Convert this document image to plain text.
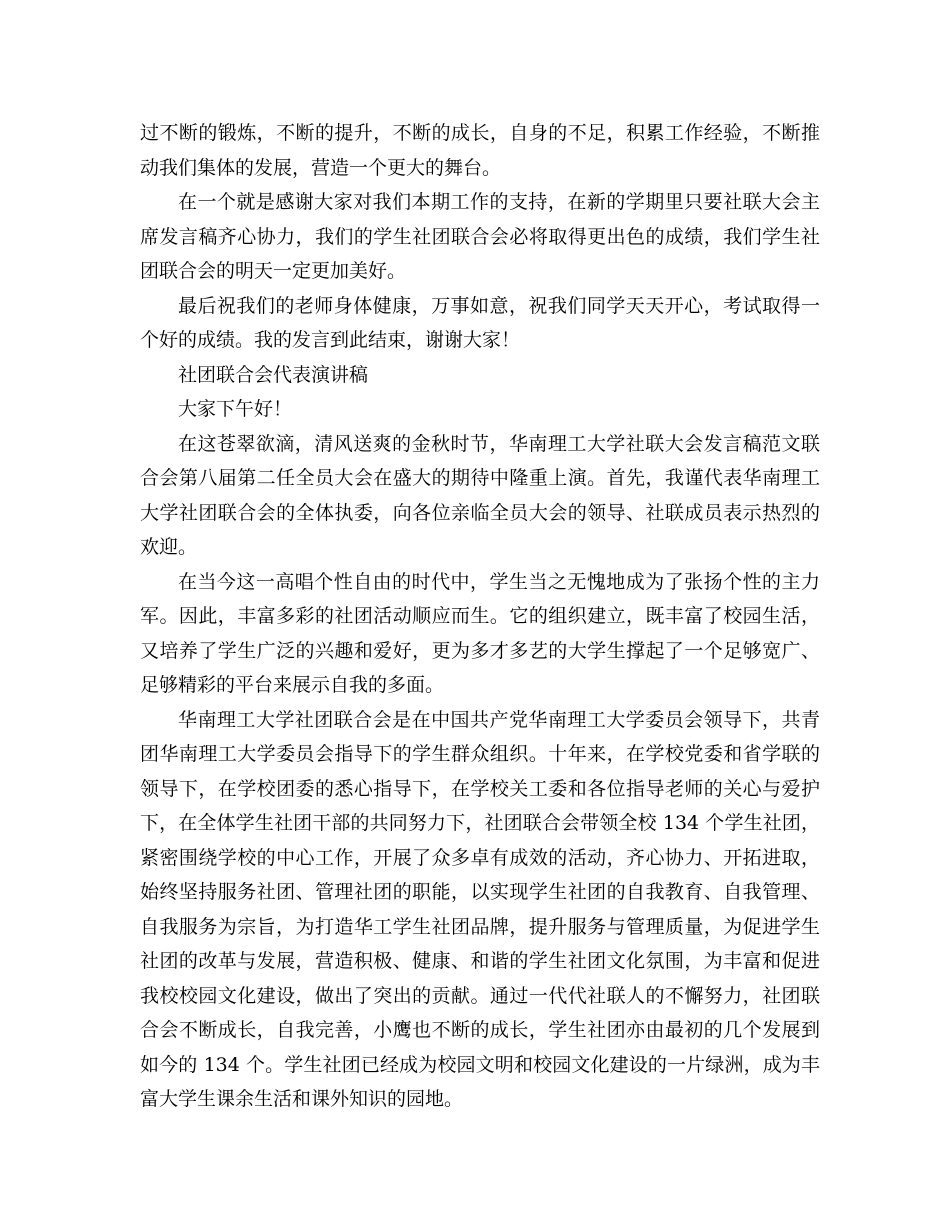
过不断的锻炼，不断的提升，不断的成长，自身的不足，积累工作经验，不断推动我们集体的发展，营造一个更大的舞台。

在一个就是感谢大家对我们本期工作的支持，在新的学期里只要社联大会主席发言稿齐心协力，我们的学生社团联合会必将取得更出色的成绩，我们学生社团联合会的明天一定更加美好。

最后祝我们的老师身体健康，万事如意，祝我们同学天天开心，考试取得一个好的成绩。我的发言到此结束，谢谢大家！

社团联合会代表演讲稿

大家下午好！

在这苍翠欲滴，清风送爽的金秋时节，华南理工大学社联大会发言稿范文联合会第八届第二任全员大会在盛大的期待中隆重上演。首先，我谨代表华南理工大学社团联合会的全体执委，向各位亲临全员大会的领导、社联成员表示热烈的欢迎。

在当今这一高唱个性自由的时代中，学生当之无愧地成为了张扬个性的主力军。因此，丰富多彩的社团活动顺应而生。它的组织建立，既丰富了校园生活，又培养了学生广泛的兴趣和爱好，更为多才多艺的大学生撑起了一个足够宽广、足够精彩的平台来展示自我的多面。

华南理工大学社团联合会是在中国共产党华南理工大学委员会领导下，共青团华南理工大学委员会指导下的学生群众组织。十年来，在学校党委和省学联的领导下，在学校团委的悉心指导下，在学校关工委和各位指导老师的关心与爱护下，在全体学生社团干部的共同努力下，社团联合会带领全校 134 个学生社团，紧密围绕学校的中心工作，开展了众多卓有成效的活动，齐心协力、开拓进取，始终坚持服务社团、管理社团的职能，以实现学生社团的自我教育、自我管理、自我服务为宗旨，为打造华工学生社团品牌，提升服务与管理质量，为促进学生社团的改革与发展，营造积极、健康、和谐的学生社团文化氛围，为丰富和促进我校校园文化建设，做出了突出的贡献。通过一代代社联人的不懈努力，社团联合会不断成长，自我完善，小鹰也不断的成长，学生社团亦由最初的几个发展到如今的 134 个。学生社团已经成为校园文明和校园文化建设的一片绿洲，成为丰富大学生课余生活和课外知识的园地。
